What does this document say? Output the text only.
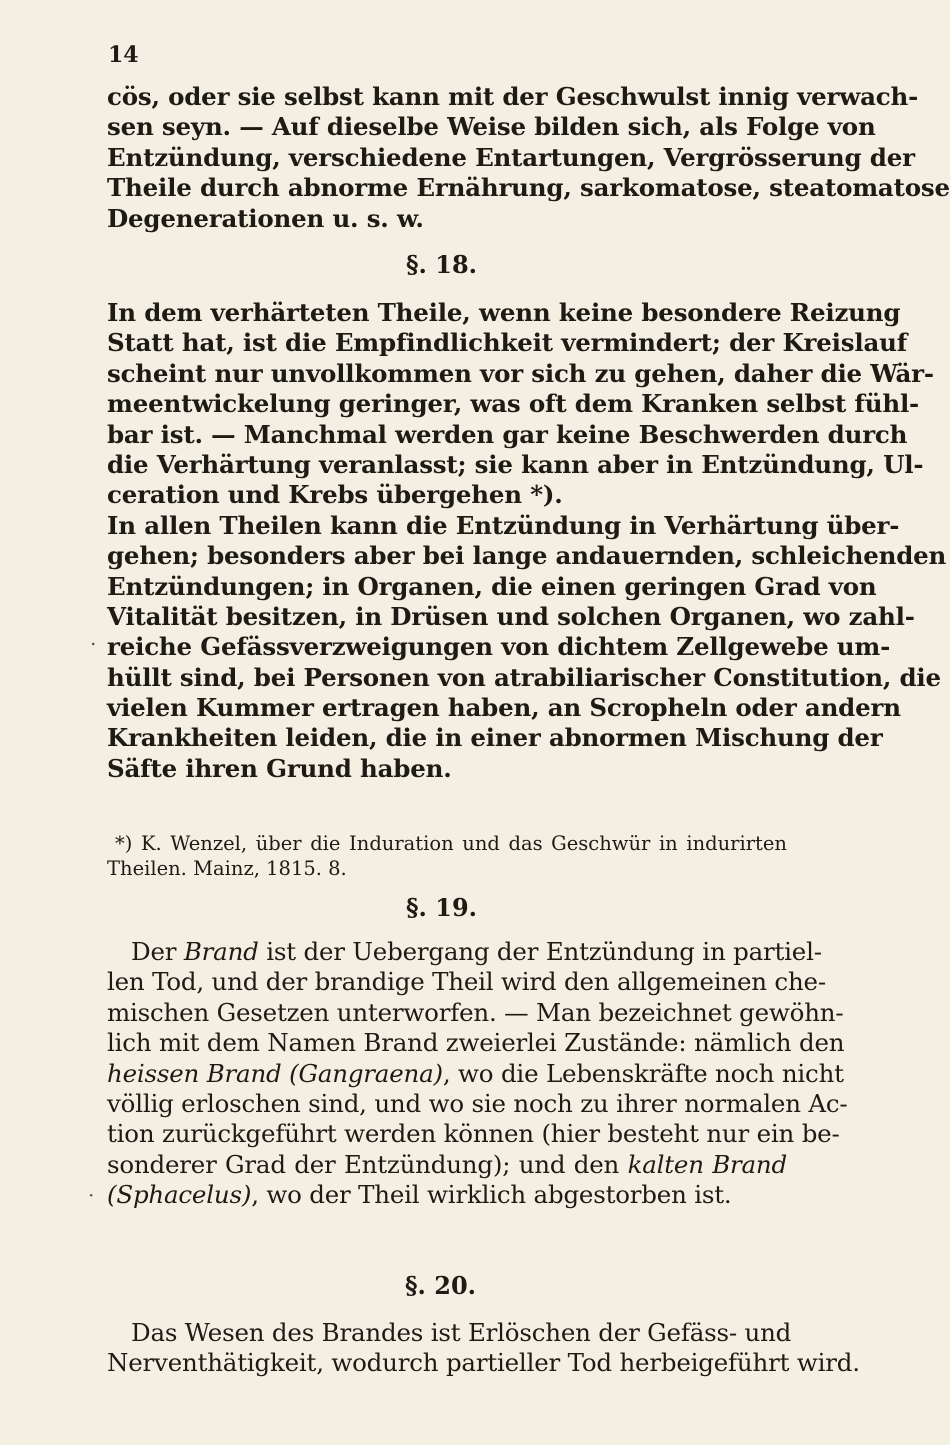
14
cös, oder sie selbst kann mit der Geschwulst innig verwach-
sen seyn. — Auf dieselbe Weise bilden sich, als Folge von
Entzündung, verschiedene Entartungen, Vergrösserung der
Theile durch abnorme Ernährung, sarkomatose, steatomatose
Degenerationen u. s. w.
§. 18.
In dem verhärteten Theile, wenn keine besondere Reizung
Statt hat, ist die Empfindlichkeit vermindert; der Kreislauf
scheint nur unvollkommen vor sich zu gehen, daher die Wär-
meentwickelung geringer, was oft dem Kranken selbst fühl-
bar ist. — Manchmal werden gar keine Beschwerden durch
die Verhärtung veranlasst; sie kann aber in Entzündung, Ul-
ceration und Krebs übergehen *).
In allen Theilen kann die Entzündung in Verhärtung über-
gehen; besonders aber bei lange andauernden, schleichenden
Entzündungen; in Organen, die einen geringen Grad von
Vitalität besitzen, in Drüsen und solchen Organen, wo zahl-
reiche Gefässverzweigungen von dichtem Zellgewebe um-
hüllt sind, bei Personen von atrabiliarischer Constitution, die
vielen Kummer ertragen haben, an Scropheln oder andern
Krankheiten leiden, die in einer abnormen Mischung der
Säfte ihren Grund haben.
.
*) K. Wenzel, über die Induration und das Geschwür in indurirten
Theilen. Mainz, 1815. 8.
§. 19.
Der Brand ist der Uebergang der Entzündung in partiel-
len Tod, und der brandige Theil wird den allgemeinen che-
mischen Gesetzen unterworfen. — Man bezeichnet gewöhn-
lich mit dem Namen Brand zweierlei Zustände: nämlich den
heissen Brand (Gangraena), wo die Lebenskräfte noch nicht
völlig erloschen sind, und wo sie noch zu ihrer normalen Ac-
tion zurückgeführt werden können (hier besteht nur ein be-
sonderer Grad der Entzündung); und den kalten Brand
(Sphacelus), wo der Theil wirklich abgestorben ist.
·
§. 20.
Das Wesen des Brandes ist Erlöschen der Gefäss- und
Nerventhätigkeit, wodurch partieller Tod herbeigeführt wird.
